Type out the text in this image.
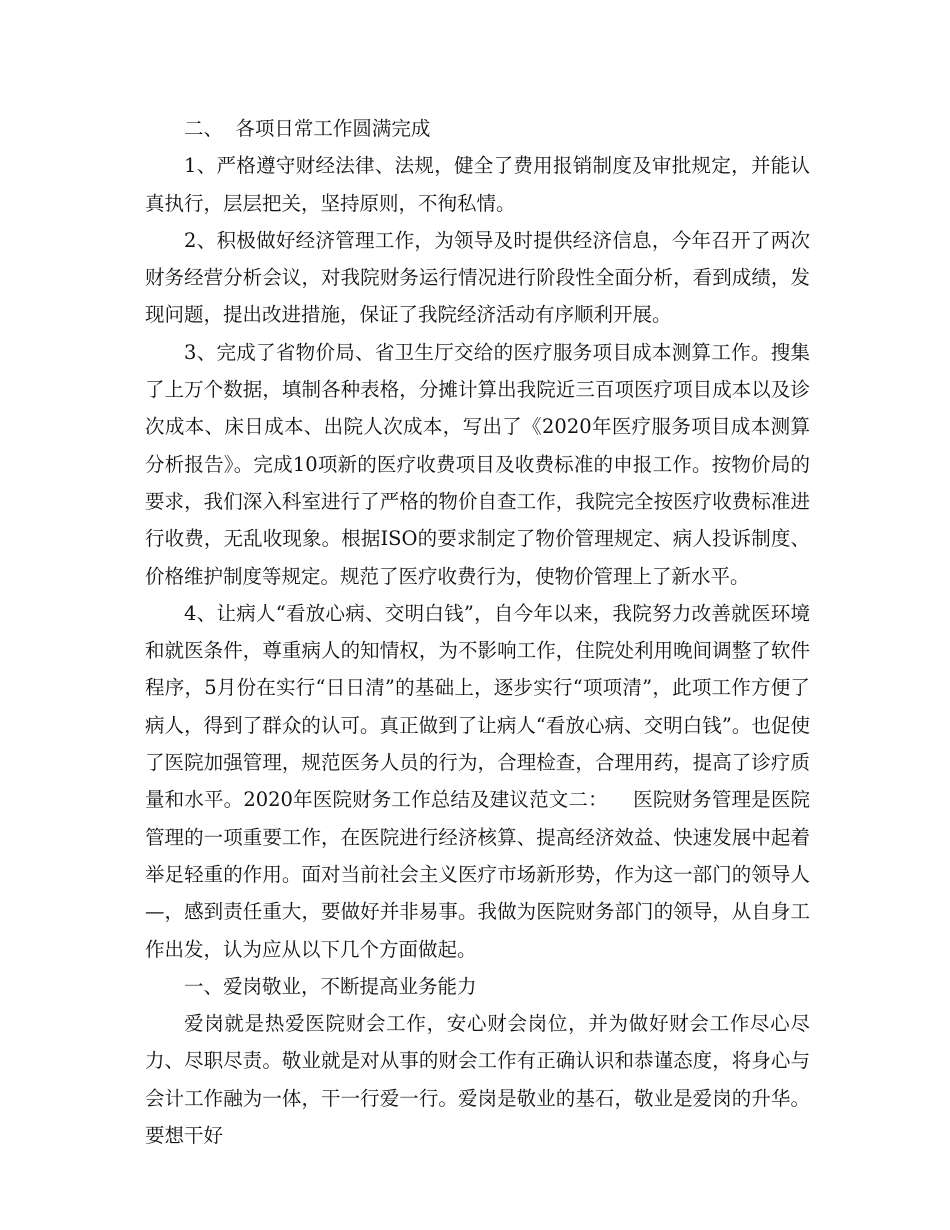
二、  各项日常工作圆满完成

1、严格遵守财经法律、法规，健全了费用报销制度及审批规定，并能认真执行，层层把关，坚持原则，不徇私情。

2、积极做好经济管理工作，为领导及时提供经济信息，今年召开了两次财务经营分析会议，对我院财务运行情况进行阶段性全面分析，看到成绩，发现问题，提出改进措施，保证了我院经济活动有序顺利开展。

3、完成了省物价局、省卫生厅交给的医疗服务项目成本测算工作。搜集了上万个数据，填制各种表格，分摊计算出我院近三百项医疗项目成本以及诊次成本、床日成本、出院人次成本，写出了《2020年医疗服务项目成本测算分析报告》。完成10项新的医疗收费项目及收费标准的申报工作。按物价局的要求，我们深入科室进行了严格的物价自查工作，我院完全按医疗收费标准进行收费，无乱收现象。根据ISO的要求制定了物价管理规定、病人投诉制度、价格维护制度等规定。规范了医疗收费行为，使物价管理上了新水平。

4、让病人“看放心病、交明白钱”，自今年以来，我院努力改善就医环境和就医条件，尊重病人的知情权，为不影响工作，住院处利用晚间调整了软件程序，5月份在实行“日日清”的基础上，逐步实行“项项清”，此项工作方便了病人，得到了群众的认可。真正做到了让病人“看放心病、交明白钱”。也促使了医院加强管理，规范医务人员的行为，合理检查，合理用药，提高了诊疗质量和水平。2020年医院财务工作总结及建议范文二：    医院财务管理是医院管理的一项重要工作，在医院进行经济核算、提高经济效益、快速发展中起着举足轻重的作用。面对当前社会主义医疗市场新形势，作为这一部门的领导人—，感到责任重大，要做好并非易事。我做为医院财务部门的领导，从自身工作出发，认为应从以下几个方面做起。

一、爱岗敬业，不断提高业务能力

爱岗就是热爱医院财会工作，安心财会岗位，并为做好财会工作尽心尽力、尽职尽责。敬业就是对从事的财会工作有正确认识和恭谨态度，将身心与会计工作融为一体，干一行爱一行。爱岗是敬业的基石，敬业是爱岗的升华。要想干好
